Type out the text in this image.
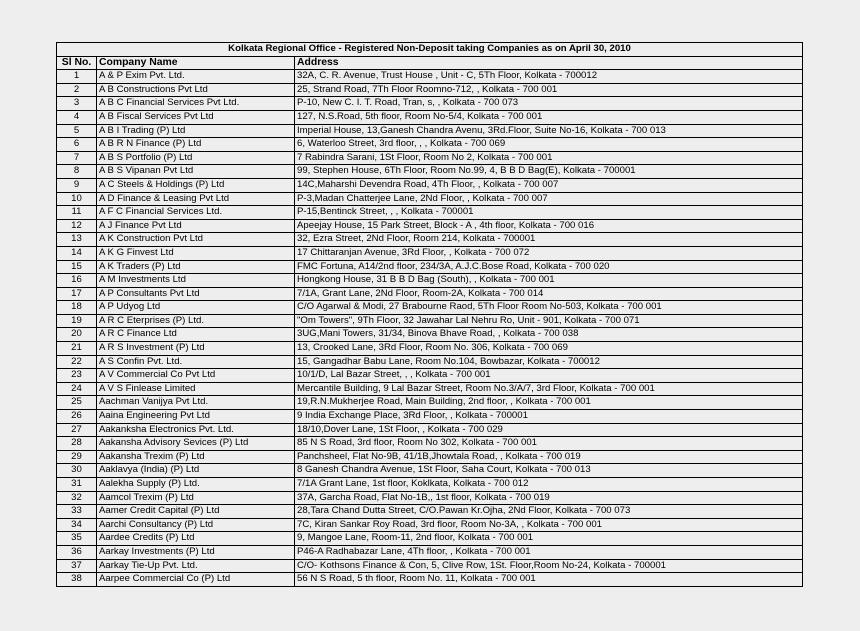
Kolkata Regional Office - Registered Non-Deposit taking Companies as on April 30, 2010		
Sl No.	Company Name	Address
1	A & P Exim Pvt. Ltd.	32A, C. R. Avenue, Trust House , Unit - C, 5Th Floor, Kolkata - 700012
2	A B Constructions Pvt Ltd	25, Strand Road, 7Th Floor Roomno-712, , Kolkata - 700 001
3	A B C Financial Services Pvt Ltd.	P-10, New C. I. T. Road, Tran, s, , Kolkata - 700 073
4	A B Fiscal Services Pvt Ltd	127, N.S.Road, 5th floor, Room No-5/4, Kolkata - 700 001
5	A B I Trading (P) Ltd	Imperial House, 13,Ganesh Chandra Avenu, 3Rd.Floor, Suite No-16, Kolkata - 700 013
6	A B R N Finance (P) Ltd	6, Waterloo Street, 3rd floor, , , Kolkata - 700 069
7	A B S Portfolio (P) Ltd	7 Rabindra Sarani, 1St Floor, Room No 2, Kolkata - 700 001
8	A B S Vipanan Pvt Ltd	99, Stephen House, 6Th Floor, Room No.99, 4, B B D Bag(E), Kolkata - 700001
9	A C Steels & Holdings (P) Ltd	14C,Maharshi Devendra Road, 4Th Floor, , Kolkata - 700 007
10	A D Finance & Leasing Pvt Ltd	P-3,Madan Chatterjee Lane, 2Nd Floor, , Kolkata - 700 007
11	A F C Financial Services Ltd.	P-15,Bentinck Street, , , Kolkata - 700001
12	A J Finance Pvt Ltd	Apeejay House, 15 Park Street, Block - A , 4th floor, Kolkata - 700 016
13	A K Construction Pvt Ltd	32, Ezra Street, 2Nd Floor, Room 214, Kolkata - 700001
14	A K G Finvest Ltd	17 Chittaranjan Avenue, 3Rd Floor, , Kolkata - 700 072
15	A K Traders (P) Ltd	FMC Fortuna, A14/2nd floor, 234/3A, A.J.C.Bose Road, Kolkata - 700 020
16	A M Investments Ltd	Hongkong House, 31 B B D Bag (South), , Kolkata - 700 001
17	A P Consultants Pvt Ltd	7/1A, Grant Lane, 2Nd Floor, Room-2A, Kolkata - 700 014
18	A P Udyog Ltd	C/O Agarwal & Modi, 27 Brabourne Raod, 5Th Floor Room No-503, Kolkata - 700 001
19	A R C Eterprises (P) Ltd.	"Om Towers", 9Th Floor, 32 Jawahar Lal Nehru Ro, Unit - 901, Kolkata - 700 071
20	A R C Finance Ltd	3UG,Mani Towers, 31/34, Binova Bhave Road, , Kolkata - 700 038
21	A R S Investment (P) Ltd	13, Crooked Lane, 3Rd Floor, Room No. 306, Kolkata - 700 069
22	A S Confin Pvt. Ltd.	15, Gangadhar Babu Lane, Room No.104, Bowbazar, Kolkata - 700012
23	A V Commercial Co Pvt Ltd	10/1/D, Lal Bazar Street, , , Kolkata - 700 001
24	A V S Finlease Limited	Mercantile Building, 9 Lal Bazar Street, Room No.3/A/7, 3rd Floor, Kolkata - 700 001
25	Aachman Vanijya Pvt Ltd.	19,R.N.Mukherjee Road, Main Building, 2nd floor, , Kolkata - 700 001
26	Aaina Engineering Pvt Ltd	9 India Exchange Place, 3Rd Floor, , Kolkata - 700001
27	Aakanksha Electronics Pvt. Ltd.	18/10,Dover Lane, 1St Floor, , Kolkata - 700 029
28	Aakansha Advisory Sevices (P) Ltd	85 N S Road, 3rd floor, Room No 302, Kolkata - 700 001
29	Aakansha Trexim (P) Ltd	Panchsheel, Flat No-9B, 41/1B,Jhowtala Road, , Kolkata - 700 019
30	Aaklavya (India) (P) Ltd	8 Ganesh Chandra Avenue, 1St Floor, Saha Court, Kolkata - 700 013
31	Aalekha Supply (P) Ltd.	7/1A Grant Lane, 1st floor, Koklkata, Kolkata - 700 012
32	Aamcol Trexim (P) Ltd	37A, Garcha Road, Flat No-1B,, 1st floor, Kolkata - 700 019
33	Aamer Credit Capital (P) Ltd	28,Tara Chand Dutta Street, C/O.Pawan Kr.Ojha, 2Nd Floor, Kolkata - 700 073
34	Aarchi Consultancy (P) Ltd	7C, Kiran Sankar Roy Road, 3rd floor, Room No-3A, , Kolkata - 700 001
35	Aardee Credits (P) Ltd	9, Mangoe Lane, Room-11, 2nd floor, Kolkata - 700 001
36	Aarkay Investments (P) Ltd	P46-A Radhabazar Lane, 4Th floor, , Kolkata - 700 001
37	Aarkay Tie-Up Pvt. Ltd.	C/O- Kothsons Finance & Con, 5, Clive Row, 1St. Floor,Room No-24, Kolkata - 700001
38	Aarpee Commercial Co (P) Ltd	56 N S Road, 5 th floor, Room No. 11, Kolkata - 700 001
